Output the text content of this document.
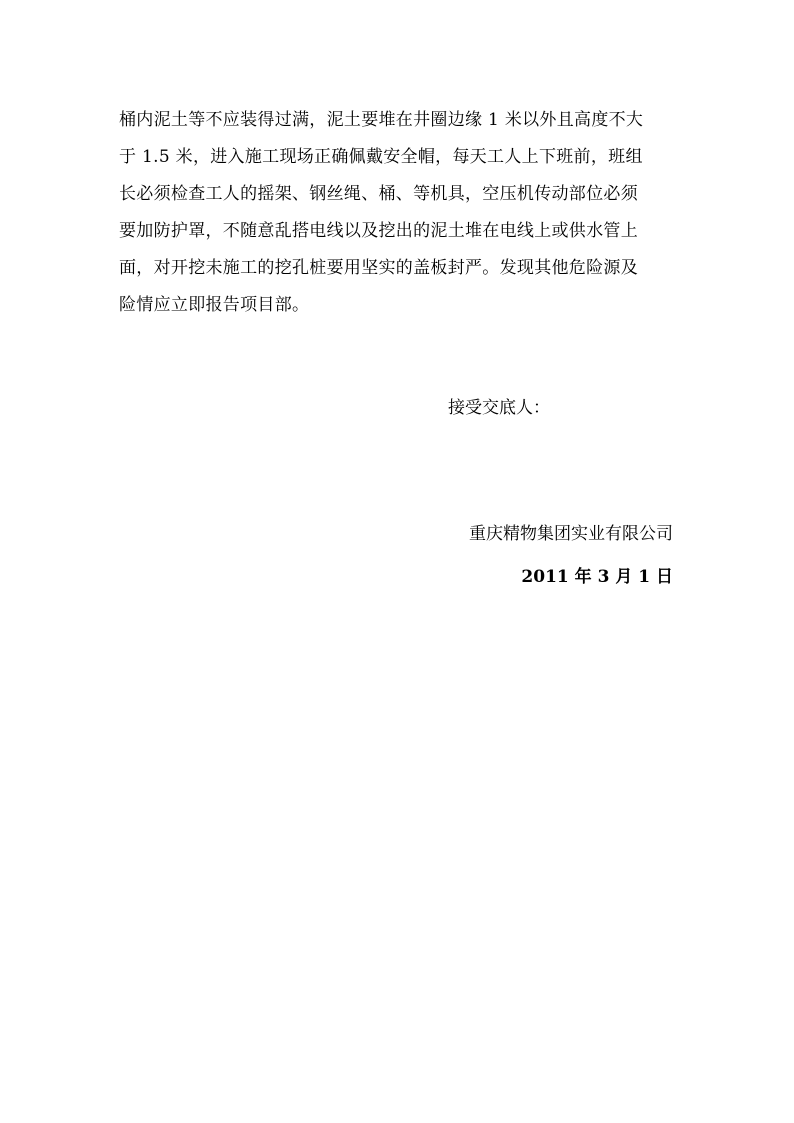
桶内泥土等不应装得过满，泥土要堆在井圈边缘 1 米以外且高度不大
于 1.5 米，进入施工现场正确佩戴安全帽，每天工人上下班前，班组
长必须检查工人的摇架、钢丝绳、桶、等机具，空压机传动部位必须
要加防护罩，不随意乱搭电线以及挖出的泥土堆在电线上或供水管上
面，对开挖未施工的挖孔桩要用坚实的盖板封严。发现其他危险源及
险情应立即报告项目部。
接受交底人：
重庆精物集团实业有限公司
2011 年 3 月 1 日
